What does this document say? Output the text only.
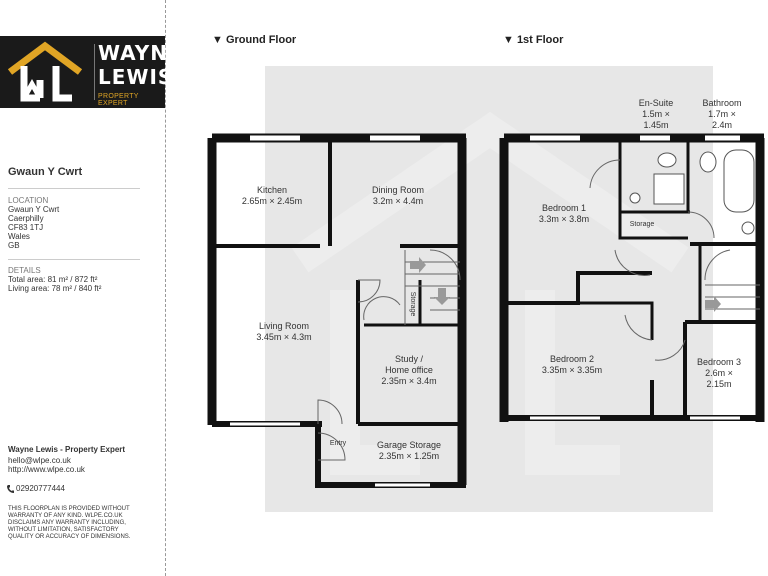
WAYNE
LEWIS
PROPERTY EXPERT
Gwaun Y Cwrt
LOCATION
Gwaun Y Cwrt
Caerphilly
CF83 1TJ
Wales
GB
DETAILS
Total area: 81 m² / 872 ft²
Living area: 78 m² / 840 ft²
Wayne Lewis - Property Expert
hello@wlpe.co.uk
http://www.wlpe.co.uk
02920777444
THIS FLOORPLAN IS PROVIDED WITHOUT
WARRANTY OF ANY KIND. WLPE.CO.UK
DISCLAIMS ANY WARRANTY INCLUDING,
WITHOUT LIMITATION, SATISFACTORY
QUALITY OR ACCURACY OF DIMENSIONS.
▼ Ground Floor	▼ 1st Floor
Kitchen
2.65m × 2.45m
Dining Room
3.2m × 4.4m
Living Room
3.45m × 4.3m
Study /
Home office
2.35m × 3.4m
Garage Storage
2.35m × 1.25m
Entry
Storage
En-Suite
1.5m ×
1.45m
Bathroom
1.7m ×
2.4m
Bedroom 1
3.3m × 3.8m
Storage
Bedroom 2
3.35m × 3.35m
Bedroom 3
2.6m ×
2.15m
